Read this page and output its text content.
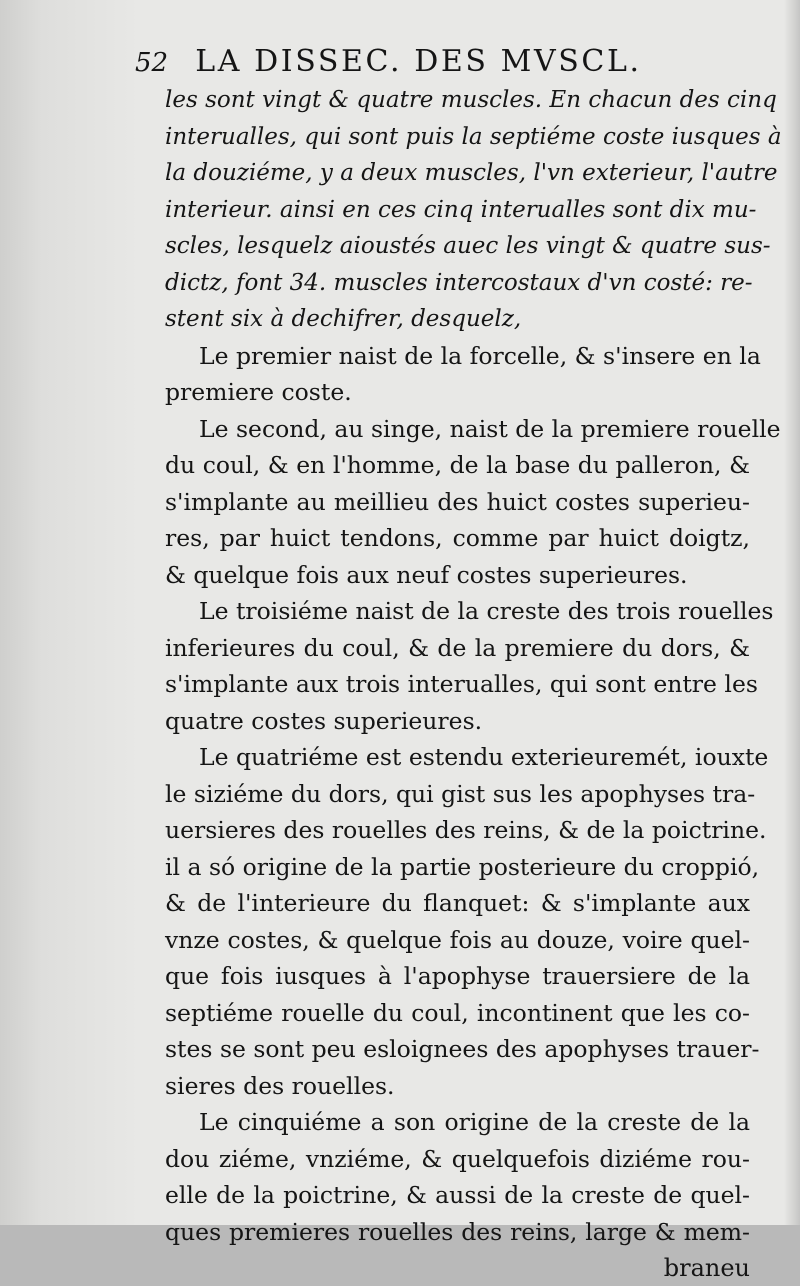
52 LA DISSEC. DES MVSCL.
les sont vingt & quatre muscles. En chacun des cinq
interualles, qui sont puis la septiéme coste iusques à
la douziéme, y a deux muscles, l'vn exterieur, l'autre
interieur. ainsi en ces cinq interualles sont dix mu-
scles, lesquelz aioustés auec les vingt & quatre sus-
dictz, font 34. muscles intercostaux d'vn costé: re-
stent six à dechifrer, desquelz,
Le premier naist de la forcelle, & s'insere en la
premiere coste.
Le second, au singe, naist de la premiere rouelle
du coul, & en l'homme, de la base du palleron, &
s'implante au meillieu des huict costes superieu-
res, par huict tendons, comme par huict doigtz,
& quelque fois aux neuf costes superieures.
Le troisiéme naist de la creste des trois rouelles
inferieures du coul, & de la premiere du dors, &
s'implante aux trois interualles, qui sont entre les
quatre costes superieures.
Le quatriéme est estendu exterieuremét, iouxte
le siziéme du dors, qui gist sus les apophyses tra-
uersieres des rouelles des reins, & de la poictrine.
il a só origine de la partie posterieure du croppió,
& de l'interieure du flanquet: & s'implante aux
vnze costes, & quelque fois au douze, voire quel-
que fois iusques à l'apophyse trauersiere de la
septiéme rouelle du coul, incontinent que les co-
stes se sont peu esloignees des apophyses trauer-
sieres des rouelles.
Le cinquiéme a son origine de la creste de la
dou ziéme, vnziéme, & quelquefois diziéme rou-
elle de la poictrine, & aussi de la creste de quel-
ques premieres rouelles des reins, large & mem-
braneu
